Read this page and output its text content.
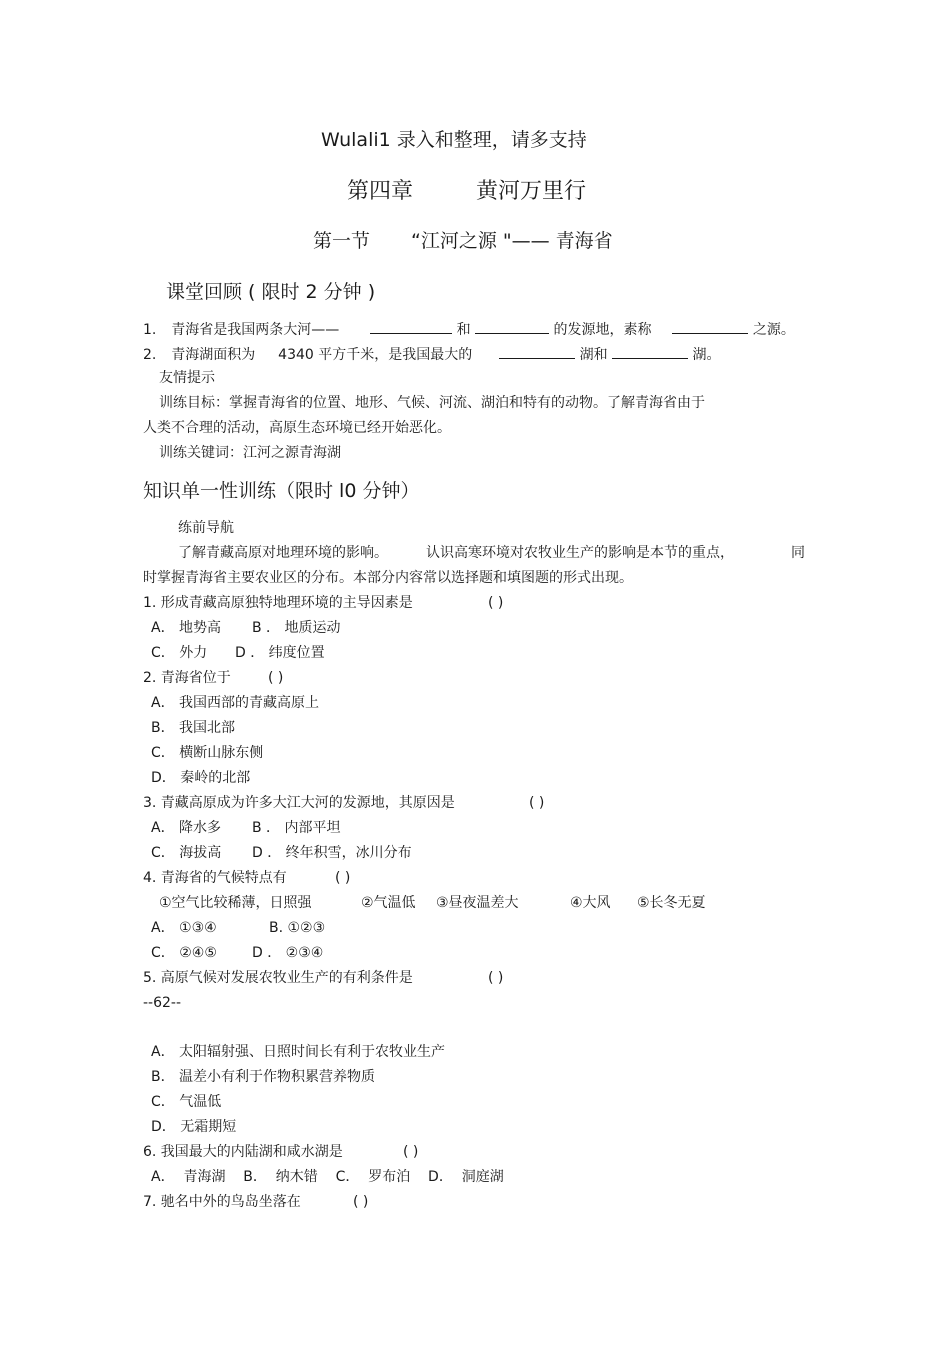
Wulali1 录入和整理，请多支持
第四章	黄河万里行
第一节 “江河之源 "—— 青海省
课堂回顾 ( 限时 2 分钟 )
1. 青海省是我国两条大河——	和	的发源地，素称	之源。
2. 青海湖面积为 4340 平方千米，是我国最大的	湖和	湖。
友情提示
训练目标：掌握青海省的位置、地形、气候、河流、湖泊和特有的动物。了解青海省由于
人类不合理的活动，高原生态环境已经开始恶化。
训练关键词：江河之源青海湖
知识单一性训练（限时 l0 分钟）
练前导航
了解青藏高原对地理环境的影响。	认识高寒环境对农牧业生产的影响是本节的重点，	同
时掌握青海省主要农业区的分布。本部分内容常以选择题和填图题的形式出现。
1. 形成青藏高原独特地理环境的主导因素是	( )
A． 地势高 B ． 地质运动
C． 外力 D ． 纬度位置
2. 青海省位于	( )
A． 我国西部的青藏高原上
B． 我国北部
C． 横断山脉东侧
D． 秦岭的北部
3. 青藏高原成为许多大江大河的发源地，其原因是	( )
A． 降水多 B ． 内部平坦
C． 海拔高 D ． 终年积雪，冰川分布
4. 青海省的气候特点有	( )
①空气比较稀薄，日照强	②气温低 ③昼夜温差大	④大风 ⑤长冬无夏
A． ①③④	B. ①②③
C． ②④⑤	D ． ②③④
5. 高原气候对发展农牧业生产的有利条件是	( )
--62--
A． 太阳辐射强、日照时间长有利于农牧业生产
B． 温差小有利于作物积累营养物质
C． 气温低
D． 无霜期短
6. 我国最大的内陆湖和咸水湖是	( )
A．  青海湖    B．  纳木错    C．  罗布泊    D．  洞庭湖
7. 驰名中外的鸟岛坐落在	( )
